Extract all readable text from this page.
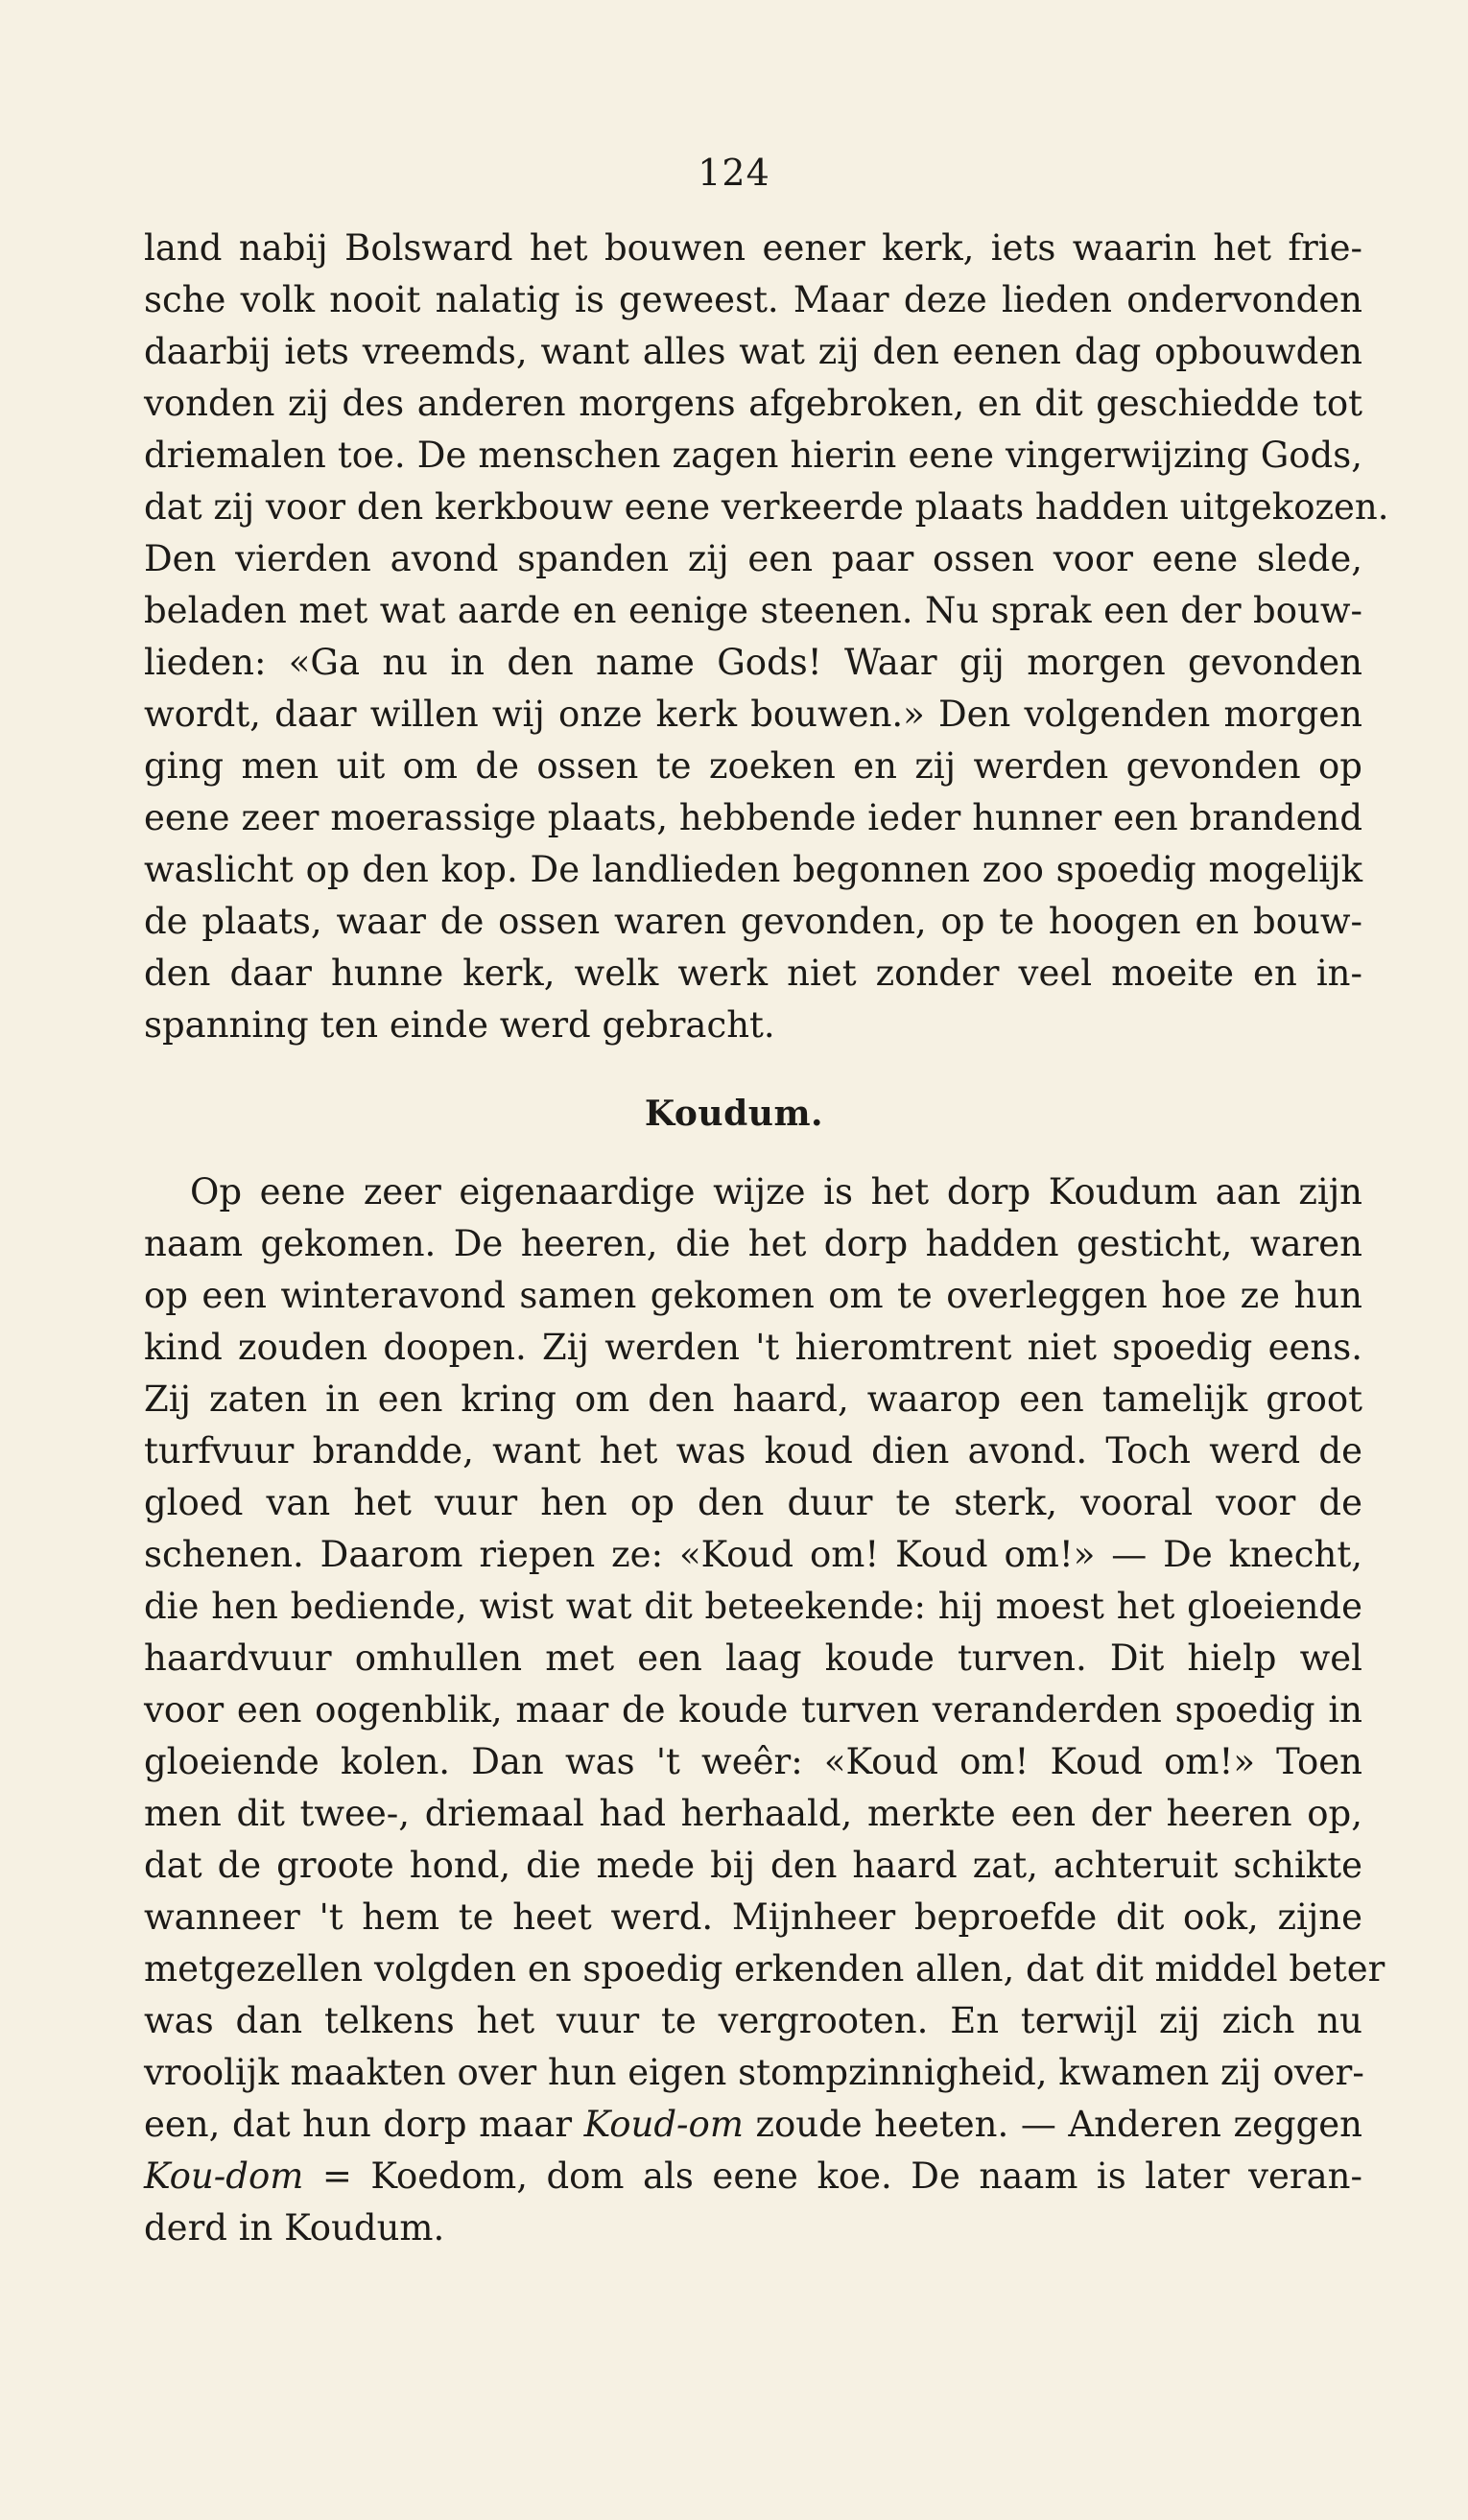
124
land nabij Bolsward het bouwen eener kerk, iets waarin het frie-
sche volk nooit nalatig is geweest. Maar deze lieden ondervonden
daarbij iets vreemds, want alles wat zij den eenen dag opbouwden
vonden zij des anderen morgens afgebroken, en dit geschiedde tot
driemalen toe. De menschen zagen hierin eene vingerwijzing Gods,
dat zij voor den kerkbouw eene verkeerde plaats hadden uitgekozen.
Den vierden avond spanden zij een paar ossen voor eene slede,
beladen met wat aarde en eenige steenen. Nu sprak een der bouw-
lieden: «Ga nu in den name Gods! Waar gij morgen gevonden
wordt, daar willen wij onze kerk bouwen.» Den volgenden morgen
ging men uit om de ossen te zoeken en zij werden gevonden op
eene zeer moerassige plaats, hebbende ieder hunner een brandend
waslicht op den kop. De landlieden begonnen zoo spoedig mogelijk
de plaats, waar de ossen waren gevonden, op te hoogen en bouw-
den daar hunne kerk, welk werk niet zonder veel moeite en in-
spanning ten einde werd gebracht.
Koudum.
Op eene zeer eigenaardige wijze is het dorp Koudum aan zijn
naam gekomen. De heeren, die het dorp hadden gesticht, waren
op een winteravond samen gekomen om te overleggen hoe ze hun
kind zouden doopen. Zij werden 't hieromtrent niet spoedig eens.
Zij zaten in een kring om den haard, waarop een tamelijk groot
turfvuur brandde, want het was koud dien avond. Toch werd de
gloed van het vuur hen op den duur te sterk, vooral voor de
schenen. Daarom riepen ze: «Koud om! Koud om!» — De knecht,
die hen bediende, wist wat dit beteekende: hij moest het gloeiende
haardvuur omhullen met een laag koude turven. Dit hielp wel
voor een oogenblik, maar de koude turven veranderden spoedig in
gloeiende kolen. Dan was 't weêr: «Koud om! Koud om!» Toen
men dit twee-, driemaal had herhaald, merkte een der heeren op,
dat de groote hond, die mede bij den haard zat, achteruit schikte
wanneer 't hem te heet werd. Mijnheer beproefde dit ook, zijne
metgezellen volgden en spoedig erkenden allen, dat dit middel beter
was dan telkens het vuur te vergrooten. En terwijl zij zich nu
vroolijk maakten over hun eigen stompzinnigheid, kwamen zij over-
een, dat hun dorp maar Koud-om zoude heeten. — Anderen zeggen
Kou-dom = Koedom, dom als eene koe. De naam is later veran-
derd in Koudum.
